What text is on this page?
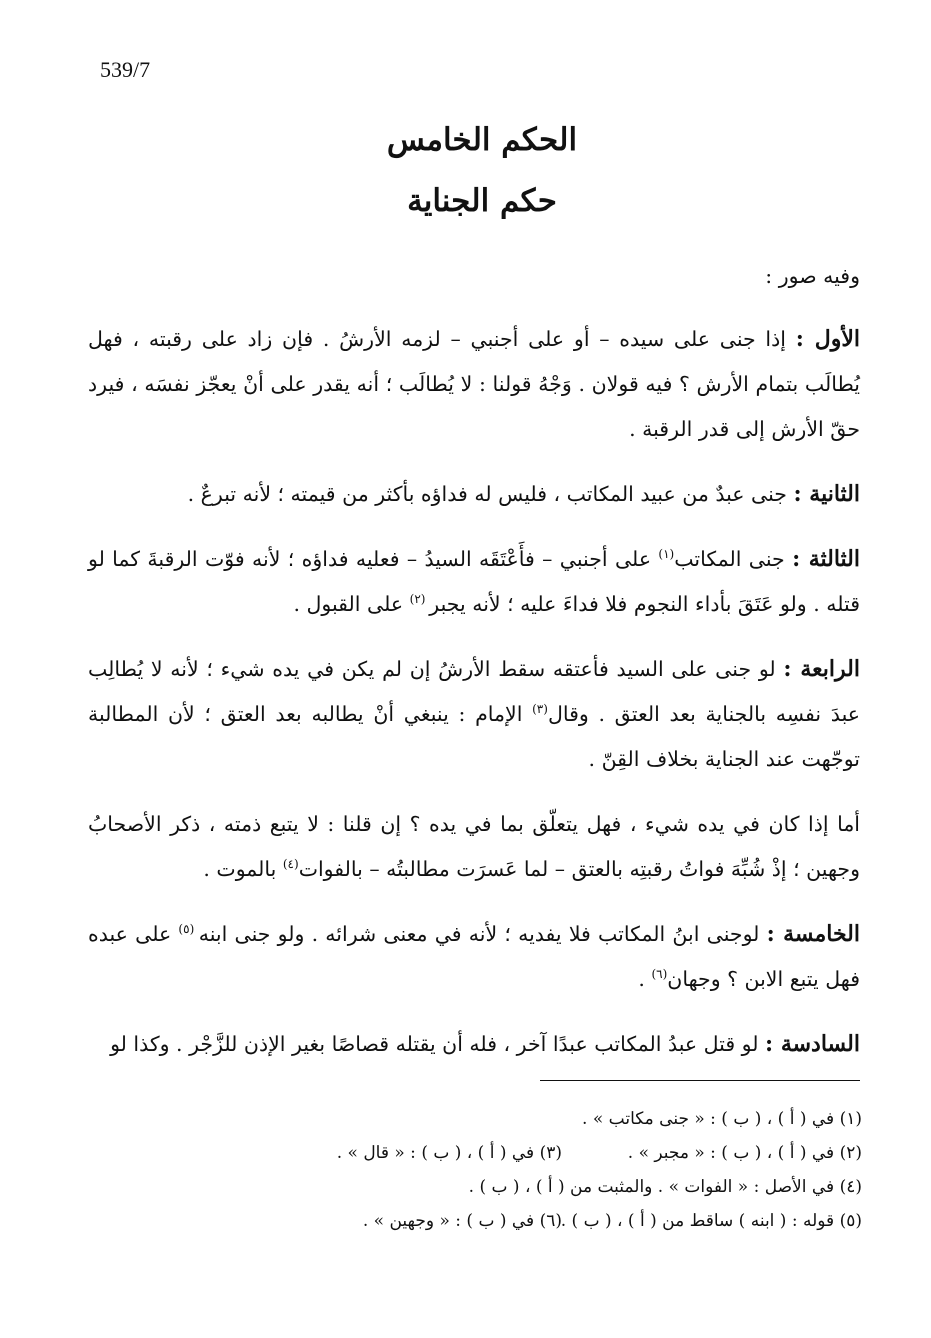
539/7
الحكم الخامس
حكم الجناية

وفيه صور :

الأول : إذا جنى على سيده – أو على أجنبي – لزمه الأرشُ . فإن زاد على رقبته ، فهل يُطالَب بتمام الأرش ؟ فيه قولان . وَجْهُ قولنا : لا يُطالَب ؛ أنه يقدر على أنْ يعجّز نفسَه ، فيرد حقّ الأرش إلى قدر الرقبة .

الثانية : جنى عبدٌ من عبيد المكاتب ، فليس له فداؤه بأكثر من قيمته ؛ لأنه تبرعٌ .

الثالثة : جنى المكاتب$^{(١)}$ على أجنبي – فأَعْتَقَه السيدُ – فعليه فداؤه ؛ لأنه فوّت الرقبةَ كما لو قتله . ولو عَتَقَ بأداء النجوم فلا فداءَ عليه ؛ لأنه يجبر $^{(٢)}$ على القبول .

الرابعة : لو جنى على السيد فأعتقه سقط الأرشُ إن لم يكن في يده شيء ؛ لأنه لا يُطالِب عبدَ نفسِه بالجناية بعد العتق . وقال$^{(٣)}$ الإمام : ينبغي أنْ يطالبه بعد العتق ؛ لأن المطالبة توجّهت عند الجناية بخلاف القِنّ .

أما إذا كان في يده شيء ، فهل يتعلّق بما في يده ؟ إن قلنا : لا يتبع ذمته ، ذكر الأصحابُ وجهين ؛ إذْ شُبِّهَ فواتُ رقبتِه بالعتق – لما عَسرَت مطالبتُه – بالفوات$^{(٤)}$ بالموت .

الخامسة : لوجنى ابنُ المكاتب فلا يفديه ؛ لأنه في معنى شرائه . ولو جنى ابنه $^{(٥)}$ على عبده فهل يتبع الابن ؟ وجهان$^{(٦)}$ .

السادسة : لو قتل عبدُ المكاتب عبدًا آخر ، فله أن يقتله قصاصًا بغير الإذن للزَّجْر . وكذا لو

(١) في ( أ ) ، ( ب ) : « جنى مكاتب » .
(٢) في ( أ ) ، ( ب ) : « مجبر » .
(٣) في ( أ ) ، ( ب ) : « قال » .
(٤) في الأصل : « الفوات » . والمثبت من ( أ ) ، ( ب ) .
(٥) قوله : ( ابنه ) ساقط من ( أ ) ، ( ب ) .
(٦) في ( ب ) : « وجهين » .
